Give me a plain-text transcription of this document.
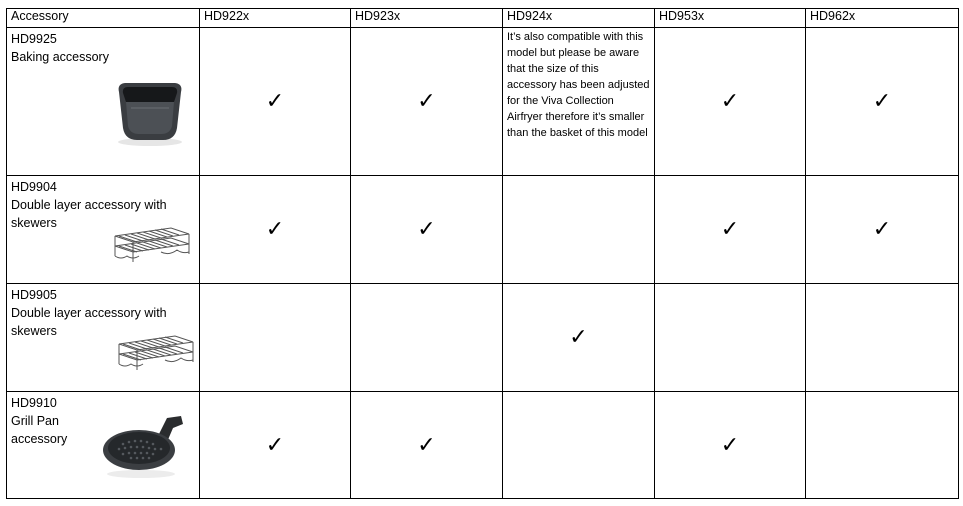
Accessory	HD922x	HD923x	HD924x	HD953x	HD962x

HD9925
Baking accessory	✓	✓	It’s also compatible with this model but please be aware that the size of this accessory has been adjusted for the Viva Collection Airfryer therefore it’s smaller than the basket of this model	✓	✓

HD9904
Double layer accessory with skewers	✓	✓		✓	✓

HD9905
Double layer accessory with skewers			✓		

HD9910
Grill Pan accessory	✓	✓		✓	
